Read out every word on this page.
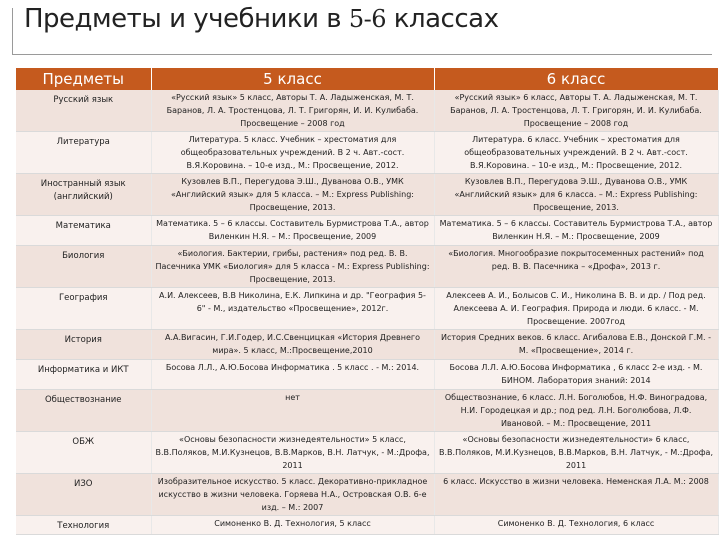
Предметы и учебники в 5-6 классах
Предметы	5 класс	6 класс
Русский язык	«Русский язык» 5 класс, Авторы Т. А. Ладыженская, М. Т. Баранов, Л. А. Тростенцова, Л. Т. Григорян, И. И. Кулибаба. Просвещение – 2008 год	«Русский язык» 6 класс, Авторы Т. А. Ладыженская, М. Т. Баранов, Л. А. Тростенцова, Л. Т. Григорян, И. И. Кулибаба. Просвещение – 2008 год
Литература	Литература. 5 класс. Учебник – хрестоматия для общеобразовательных учреждений. В 2 ч. Авт.-сост. В.Я.Коровина. – 10-е изд., М.: Просвещение, 2012.	Литература. 6 класс. Учебник – хрестоматия для общеобразовательных учреждений. В 2 ч. Авт.-сост. В.Я.Коровина. – 10-е изд., М.: Просвещение, 2012.
Иностранный язык (английский)	Кузовлев В.П., Перегудова Э.Ш., Дуванова О.В., УМК «Английский язык» для 5 класса. – М.: Express Publishing: Просвещение, 2013.	Кузовлев В.П., Перегудова Э.Ш., Дуванова О.В., УМК «Английский язык» для 6 класса. – М.: Express Publishing: Просвещение, 2013.
Математика	Математика. 5 – 6 классы. Составитель Бурмистрова Т.А., автор Виленкин Н.Я. – М.: Просвещение, 2009	Математика. 5 – 6 классы. Составитель Бурмистрова Т.А., автор Виленкин Н.Я. – М.: Просвещение, 2009
Биология	«Биология. Бактерии, грибы, растения» под ред. В. В. Пасечника УМК «Биология» для 5 класса - М.: Express Publishing: Просвещение, 2013.	«Биология. Многообразие покрытосеменных растений» под ред. В. В. Пасечника – «Дрофа», 2013 г.
География	А.И. Алексеев, В.В Николина, Е.К. Липкина и др. "География 5-6" - М., издательство «Просвещение», 2012г.	Алексеев А. И., Болысов С. И., Николина В. В. и др. / Под ред. Алексеева А. И. География. Природа и люди. 6 класс. - М. Просвещение. 2007год
История	А.А.Вигасин, Г.И.Годер, И.С.Свенцицкая «История Древнего мира». 5 класс, М.:Просвещение,2010	История Средних веков. 6 класс. Агибалова Е.В., Донской Г.М. - М. «Просвещение», 2014 г.
Информатика и ИКТ	Босова Л.Л., А.Ю.Босова Информатика . 5 класс . - М.: 2014.	Босова Л.Л. А.Ю.Босова Информатика , 6 класс 2-е изд. - М. БИНОМ. Лаборатория знаний: 2014
Обществознание	нет	Обществознание, 6 класс. Л.Н. Боголюбов, Н.Ф. Виноградова, Н.И. Городецкая и др.; под ред. Л.Н. Боголюбова, Л.Ф. Ивановой. – М.: Просвещение, 2011
ОБЖ	«Основы безопасности жизнедеятельности» 5 класс, В.В.Поляков, М.И.Кузнецов, В.В.Марков, В.Н. Латчук, - М.:Дрофа, 2011	«Основы безопасности жизнедеятельности» 6 класс, В.В.Поляков, М.И.Кузнецов, В.В.Марков, В.Н. Латчук, - М.:Дрофа, 2011
ИЗО	Изобразительное искусство. 5 класс. Декоративно-прикладное искусство в жизни человека. Горяева Н.А., Островская О.В. 6-е изд. – М.: 2007	6 класс. Искусство в жизни человека. Неменская Л.А. М.: 2008
Технология	Симоненко В. Д. Технология, 5 класс	Симоненко В. Д. Технология, 6 класс
